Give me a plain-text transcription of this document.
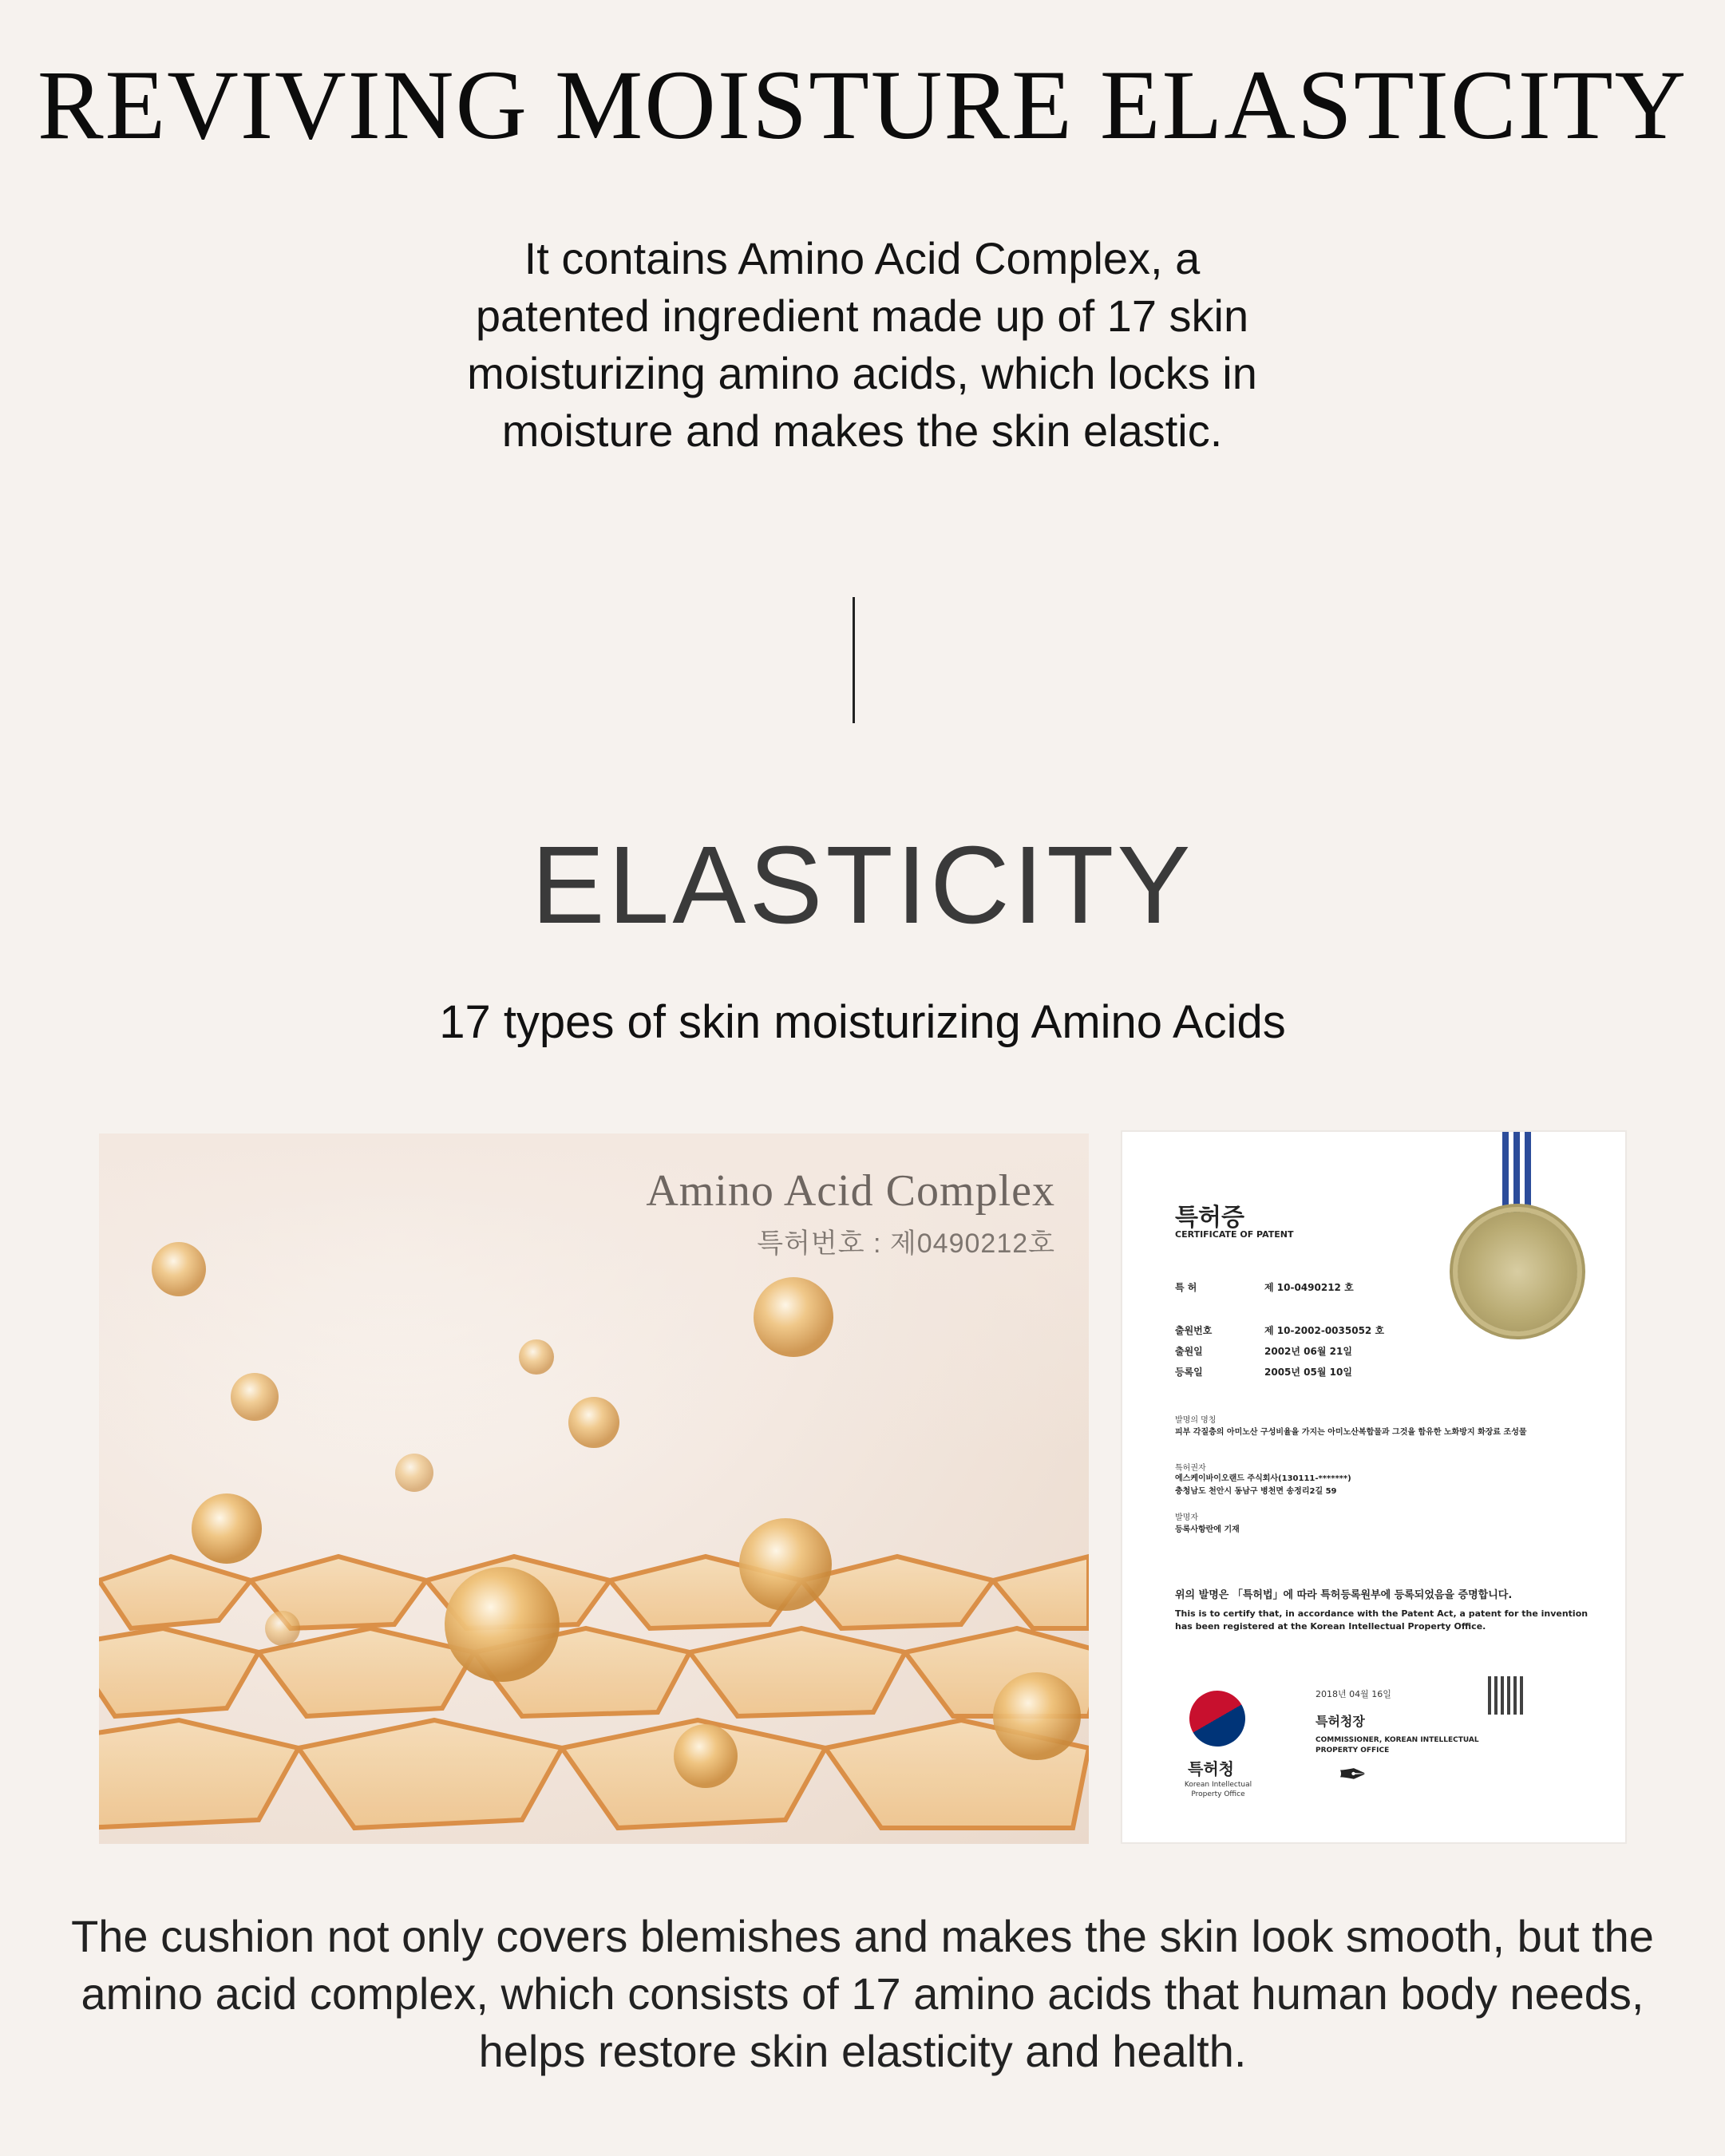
REVIVING MOISTURE ELASTICITY
It contains Amino Acid Complex, a patented ingredient made up of 17 skin moisturizing amino acids, which locks in moisture and makes the skin elastic.
ELASTICITY
17 types of skin moisturizing Amino Acids
Amino Acid Complex
특허번호 : 제0490212호
특허증
CERTIFICATE OF PATENT
특 허	제 10-0490212 호
출원번호	제 10-2002-0035052 호
출원일	2002년 06월 21일
등록일	2005년 05월 10일
발명의 명칭
피부 각질층의 아미노산 구성비율을 가지는 아미노산복합물과 그것을 함유한 노화방지 화장료 조성물
특허권자
에스케이바이오랜드 주식회사(130111-*******)
충청남도 천안시 동남구 병천면 송정리2길 59
발명자
등록사항란에 기재
위의 발명은 「특허법」에 따라 특허등록원부에 등록되었음을 증명합니다.
This is to certify that, in accordance with the Patent Act, a patent for the invention has been registered at the Korean Intellectual Property Office.
2018년 04월 16일
특허청장
COMMISSIONER, KOREAN INTELLECTUAL PROPERTY OFFICE
✒
특허청
Korean Intellectual Property Office
The cushion not only covers blemishes and makes the skin look smooth, but the amino acid complex, which consists of 17 amino acids that human body needs, helps restore skin elasticity and health.
